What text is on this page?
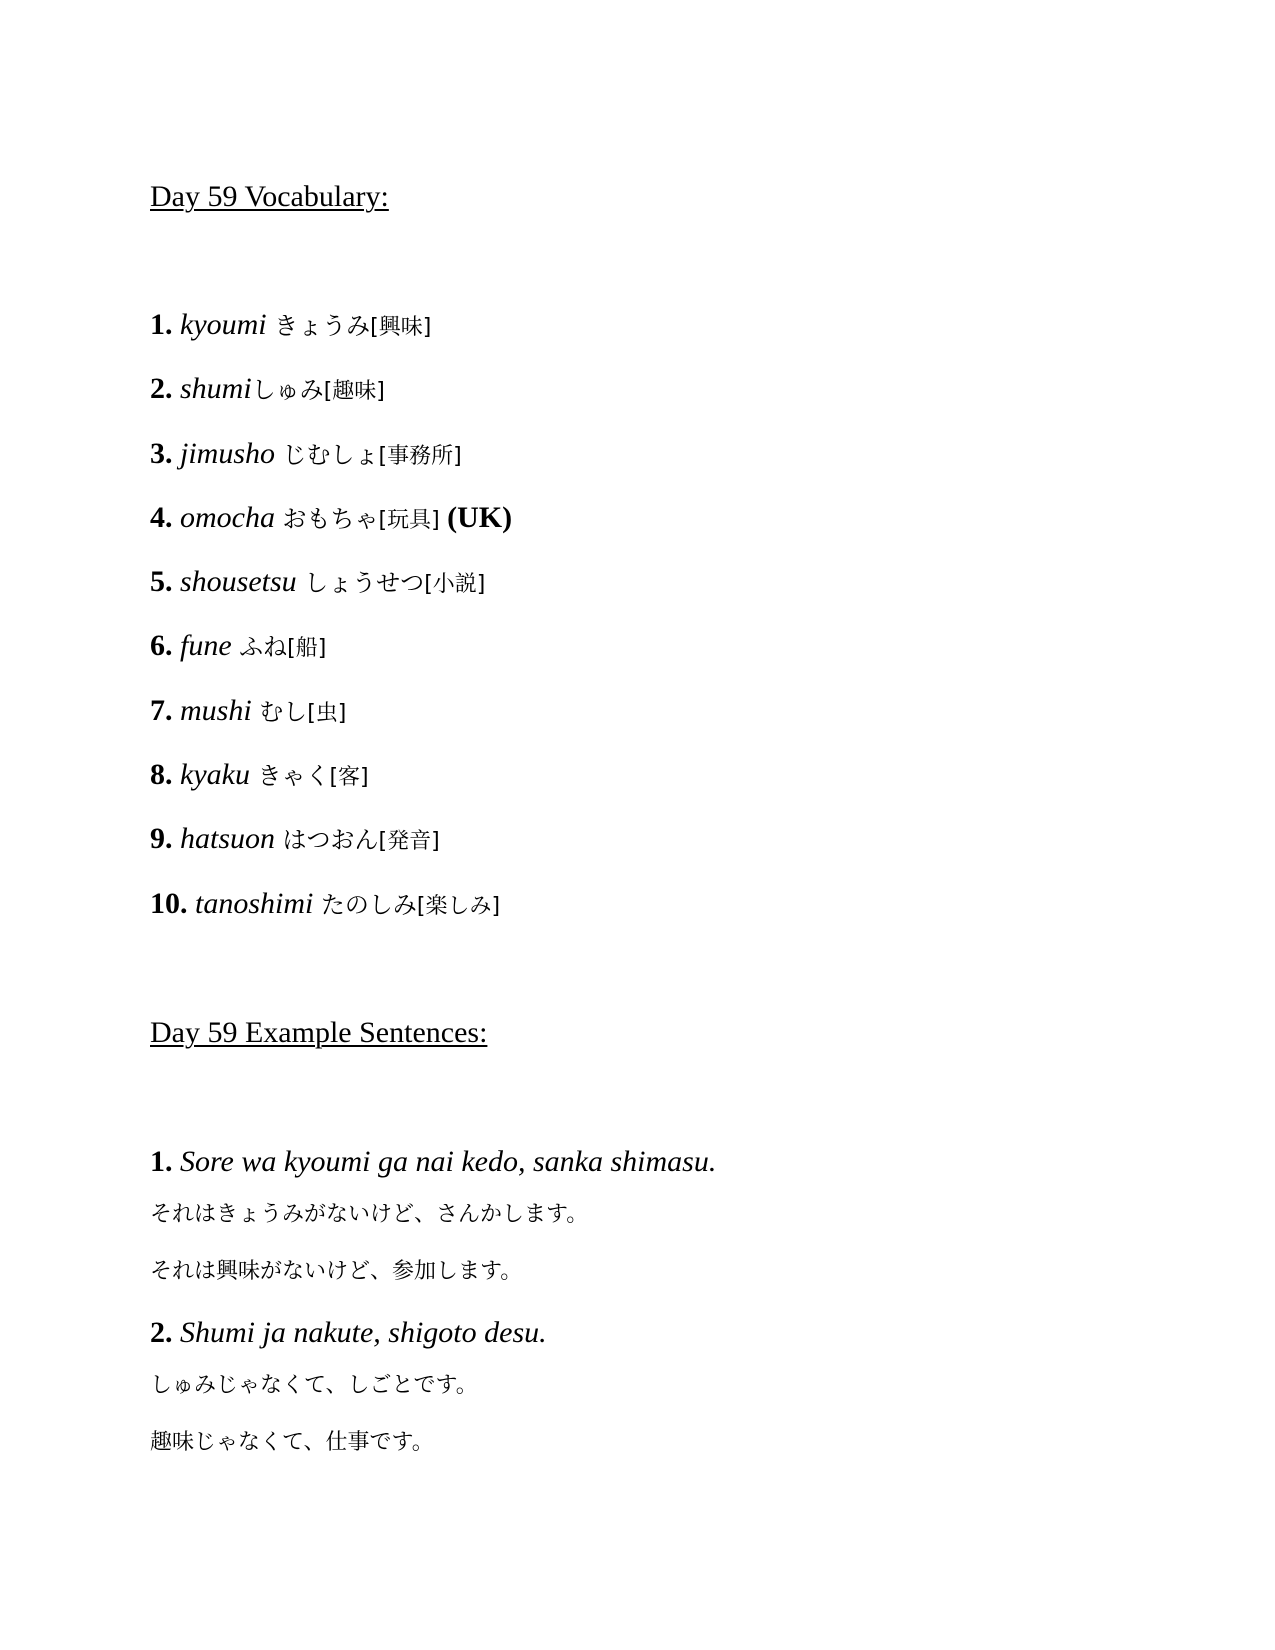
Day 59 Vocabulary:
1. kyoumi きょうみ[興味]
2. shumiしゅみ[趣味]
3. jimusho じむしょ[事務所]
4. omocha おもちゃ[玩具] (UK)
5. shousetsu しょうせつ[小説]
6. fune ふね[船]
7. mushi むし[虫]
8. kyaku きゃく[客]
9. hatsuon はつおん[発音]
10. tanoshimi たのしみ[楽しみ]
Day 59 Example Sentences:
1. Sore wa kyoumi ga nai kedo, sanka shimasu.
それはきょうみがないけど、さんかします。
それは興味がないけど、参加します。
2. Shumi ja nakute, shigoto desu.
しゅみじゃなくて、しごとです。
趣味じゃなくて、仕事です。
